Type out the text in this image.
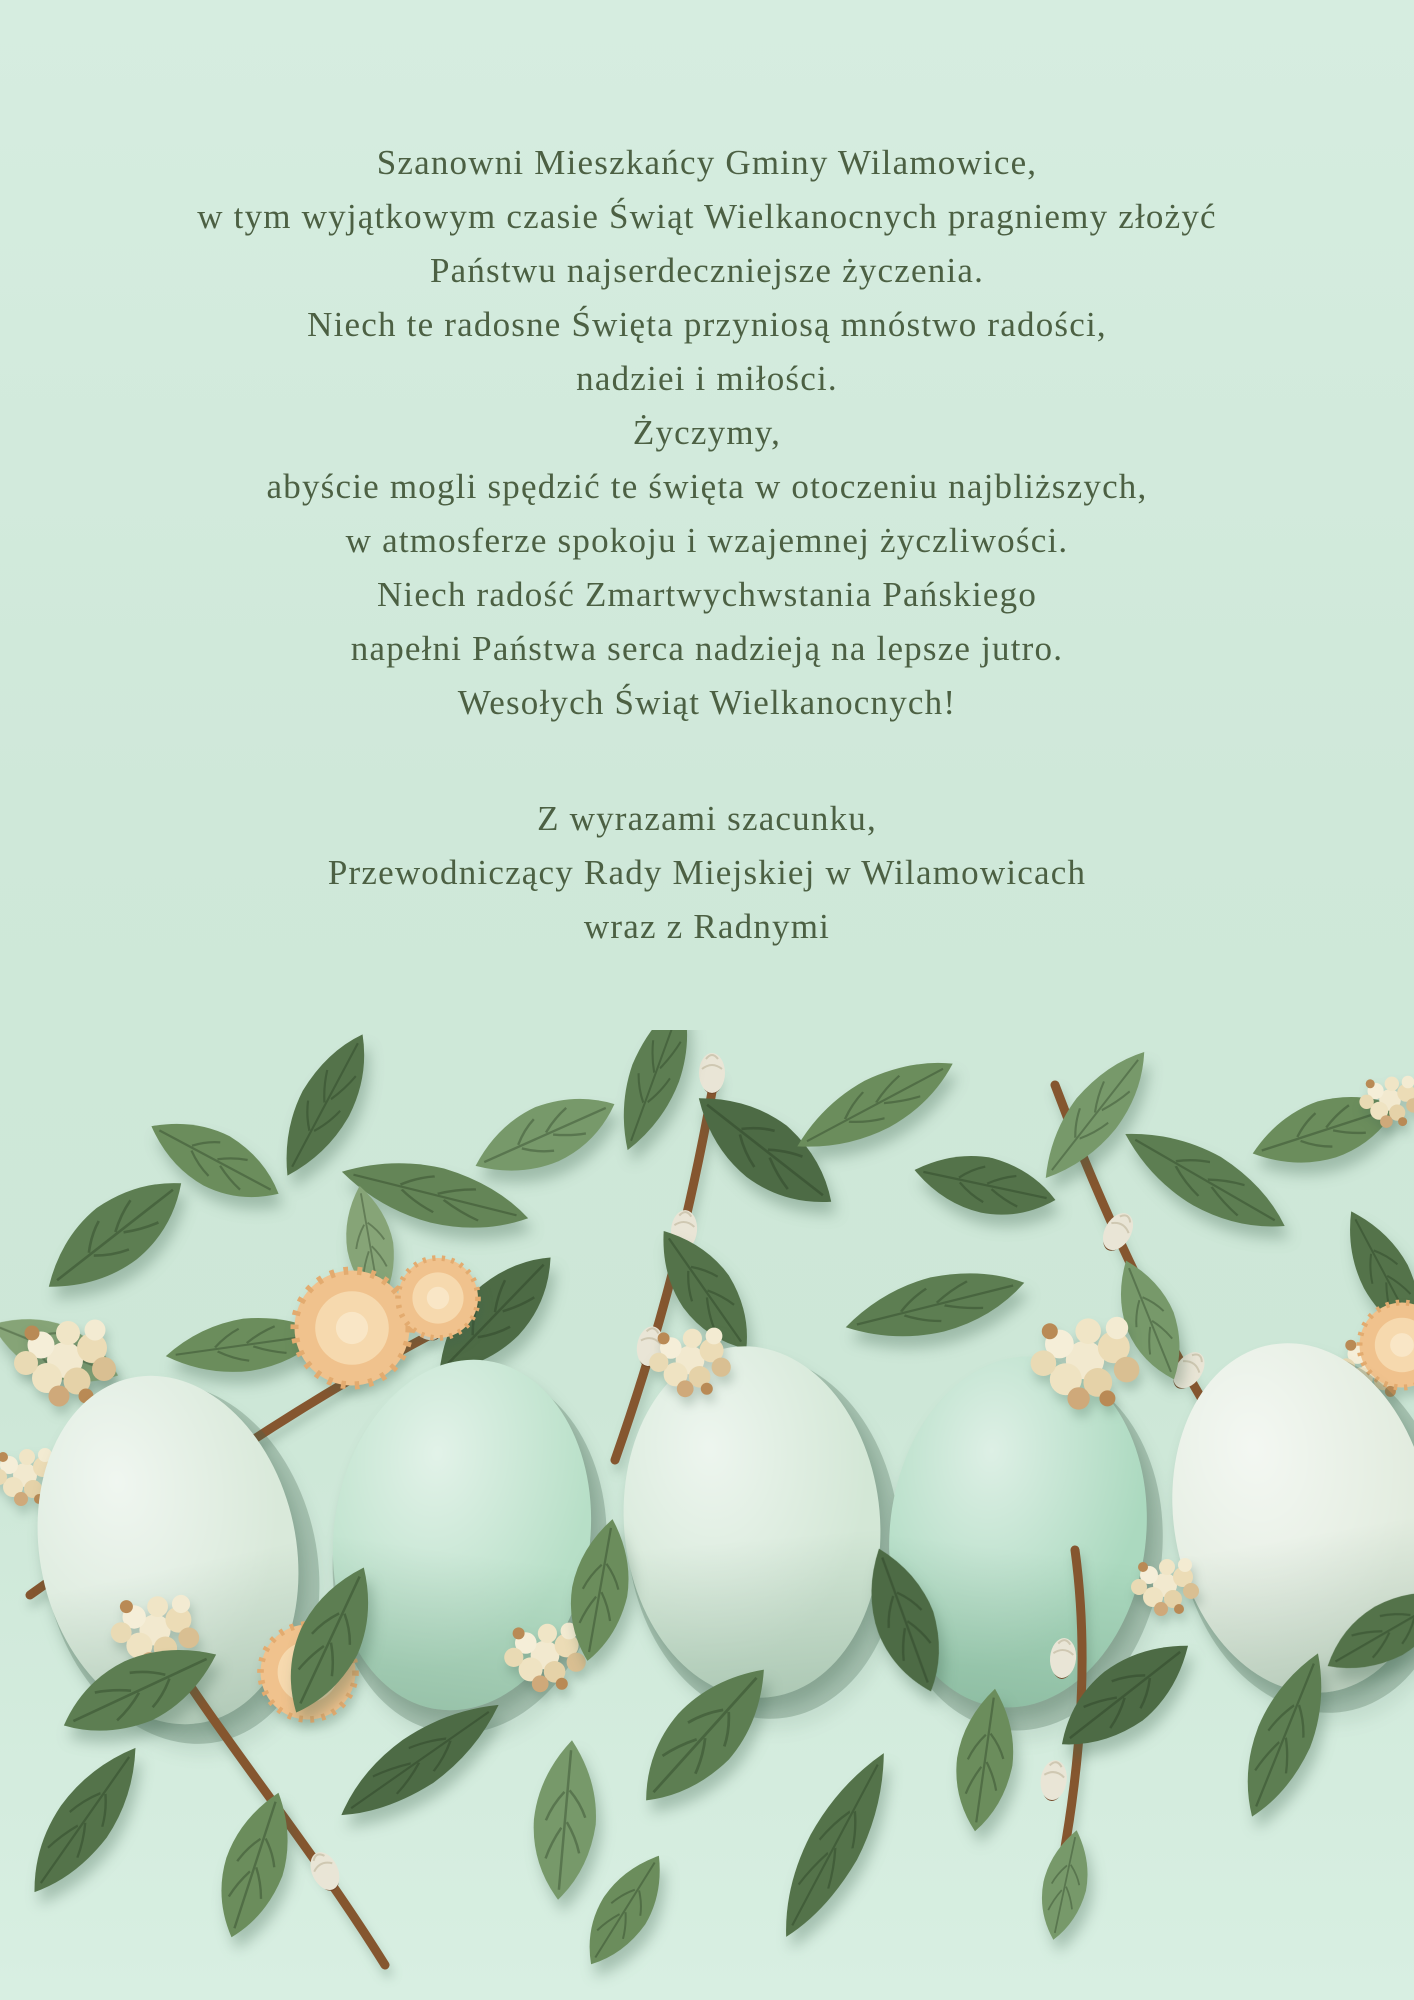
Szanowni Mieszkańcy Gminy Wilamowice,

w tym wyjątkowym czasie Świąt Wielkanocnych pragniemy złożyć

Państwu najserdeczniejsze życzenia.

Niech te radosne Święta przyniosą mnóstwo radości,

nadziei i miłości.

Życzymy,

abyście mogli spędzić te święta w otoczeniu najbliższych,

w atmosferze spokoju i wzajemnej życzliwości.

Niech radość Zmartwychwstania Pańskiego

napełni Państwa serca nadzieją na lepsze jutro.

Wesołych Świąt Wielkanocnych!

Z wyrazami szacunku,

Przewodniczący Rady Miejskiej w Wilamowicach

wraz z Radnymi
